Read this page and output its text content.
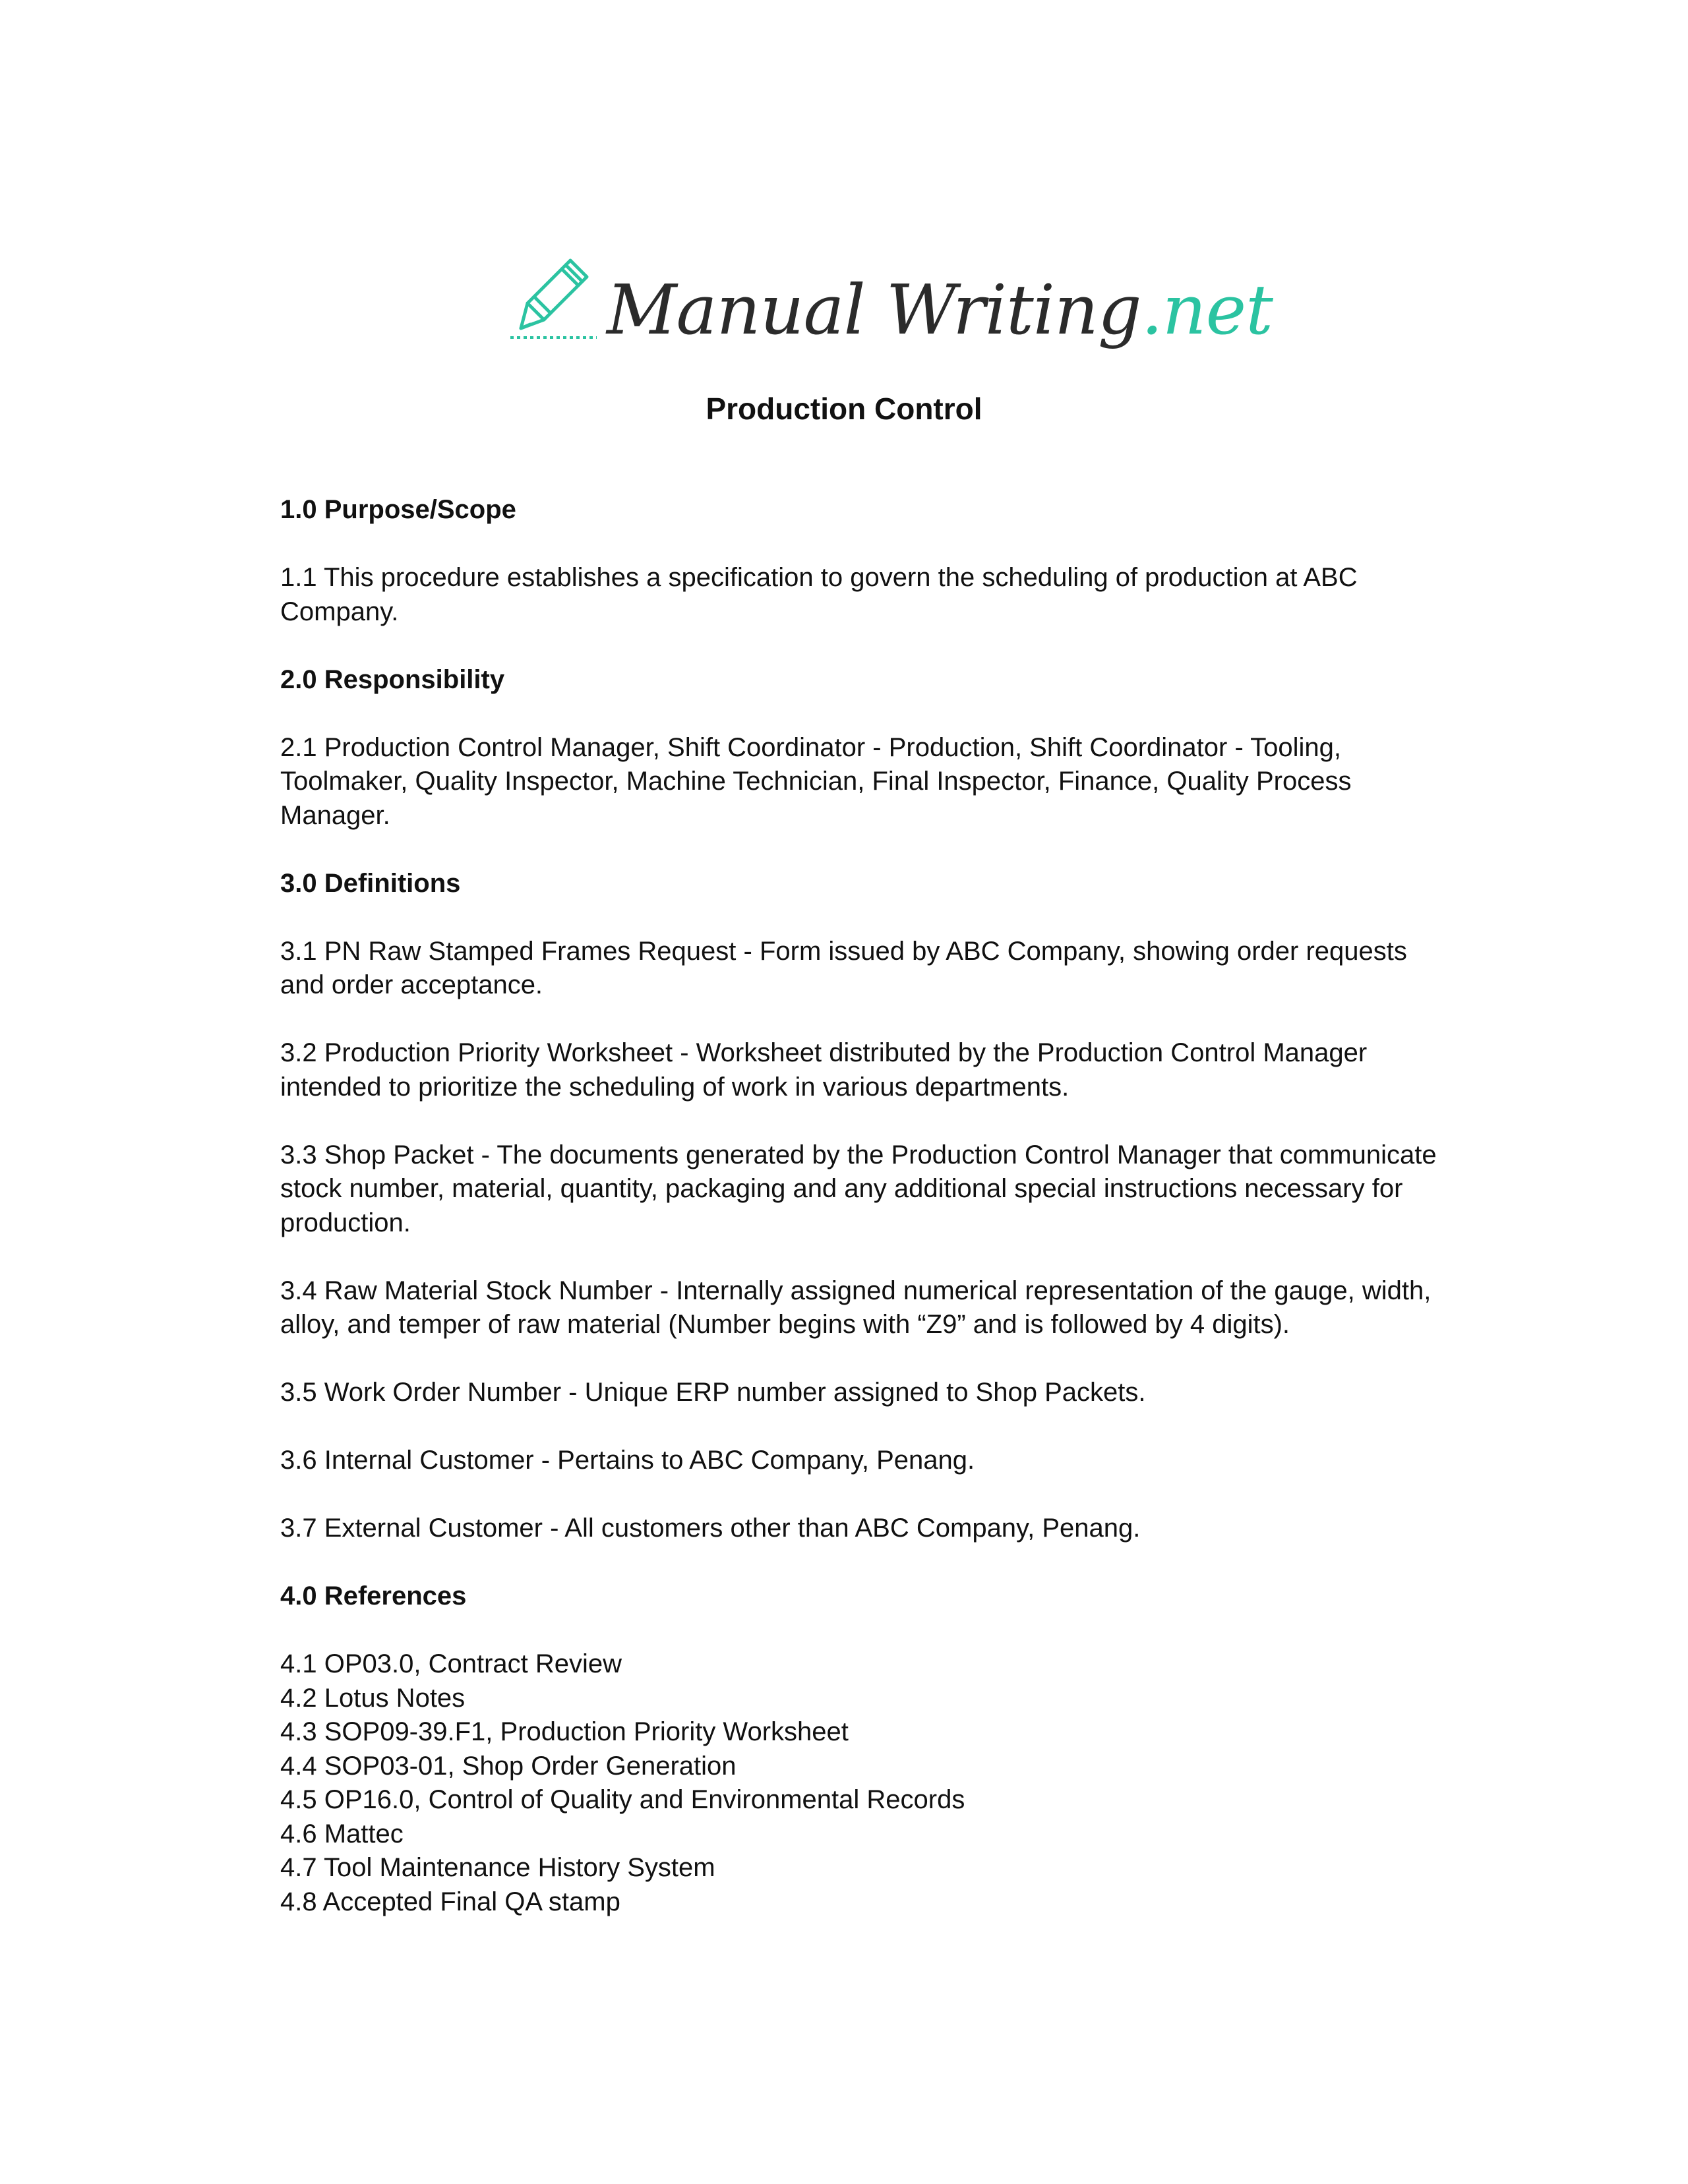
Manual Writing.net
Production Control
1.0 Purpose/Scope

1.1 This procedure establishes a specification to govern the scheduling of production at ABC Company.

2.0 Responsibility

2.1 Production Control Manager, Shift Coordinator - Production, Shift Coordinator - Tooling, Toolmaker, Quality Inspector, Machine Technician, Final Inspector, Finance, Quality Process Manager.

3.0 Definitions

3.1 PN Raw Stamped Frames Request - Form issued by ABC Company, showing order requests and order acceptance.

3.2 Production Priority Worksheet - Worksheet distributed by the Production Control Manager intended to prioritize the scheduling of work in various departments.

3.3 Shop Packet - The documents generated by the Production Control Manager that communicate stock number, material, quantity, packaging and any additional special instructions necessary for production.

3.4 Raw Material Stock Number - Internally assigned numerical representation of the gauge, width, alloy, and temper of raw material (Number begins with “Z9” and is followed by 4 digits).

3.5 Work Order Number - Unique ERP number assigned to Shop Packets.

3.6 Internal Customer - Pertains to ABC Company, Penang.

3.7 External Customer - All customers other than ABC Company, Penang.

4.0 References
4.1 OP03.0, Contract Review
4.2 Lotus Notes
4.3 SOP09-39.F1, Production Priority Worksheet
4.4 SOP03-01, Shop Order Generation
4.5 OP16.0, Control of Quality and Environmental Records
4.6 Mattec
4.7 Tool Maintenance History System
4.8 Accepted Final QA stamp
